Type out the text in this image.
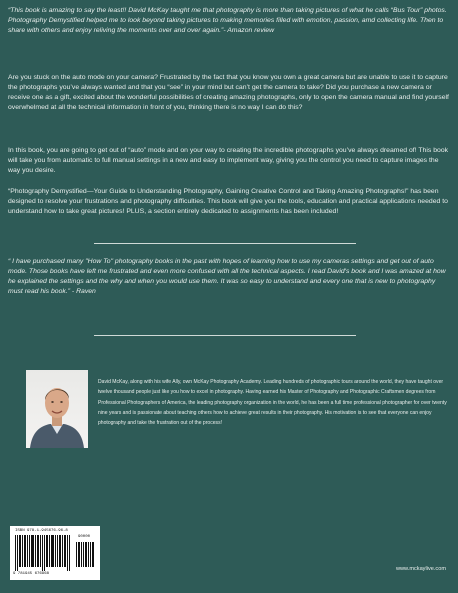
“This book is amazing to say the least!! David McKay taught me that photography is more than taking pictures of what he calls “Bus Tour” photos. Photography Demystified helped me to look beyond taking pictures to making memories filled with emotion, passion, amd collecting life. Then to share with others and enjoy reliving the moments over and over again.”- Amazon review

Are you stuck on the auto mode on your camera? Frustrated by the fact that you know you own a great camera but are unable to use it to capture the photographs you’ve always wanted and that you “see” in your mind but can’t get the camera to take? Did you purchase a new camera or receive one as a gift, excited about the wonderful possibilities of creating amazing photographs, only to open the camera manual and find yourself overwhelmed at all the technical information in front of you, thinking there is no way I can do this?

In this book, you are going to get out of “auto” mode and on your way to creating the incredible photographs you’ve always dreamed of! This book will take you from automatic to full manual settings in a new and easy to implement way, giving you the control you need to capture images the way you desire.

“Photography Demystified—Your Guide to Understanding Photography, Gaining Creative Control and Taking Amazing Photographs!” has been designed to resolve your frustrations and photography difficulties. This book will give you the tools, education and practical applications needed to understand how to take great pictures! PLUS, a section entirely dedicated to assignments has been included!

“ I have purchased many "How To" photography books in the past with hopes of learning how to use my cameras settings and get out of auto mode. Those books have left me frustrated and even more confused with all the technical aspects. I read David's book and I was amazed at how he explained the settings and the why and when you would use them. It was so easy to understand and every one that is new to photography must read his book.” - Raven

David McKay, along with his wife Ally, own McKay Photography Academy. Leading hundreds of photographic tours around the world, they have taught over twelve thousand people just like you how to excel in photography. Having earned his Master of Photography and Photographic Craftsmen degrees from Professional Photographers of America, the leading photography organization in the world, he has been a full time professional photographer for over twenty nine years and is passionate about teaching others how to achieve great results in their photography. His motivation is to see that everyone can enjoy photography and take the frustration out of the process!

ISBN 978-1-945676-96-8
90000
9 781945 676968
www.mckaylive.com
